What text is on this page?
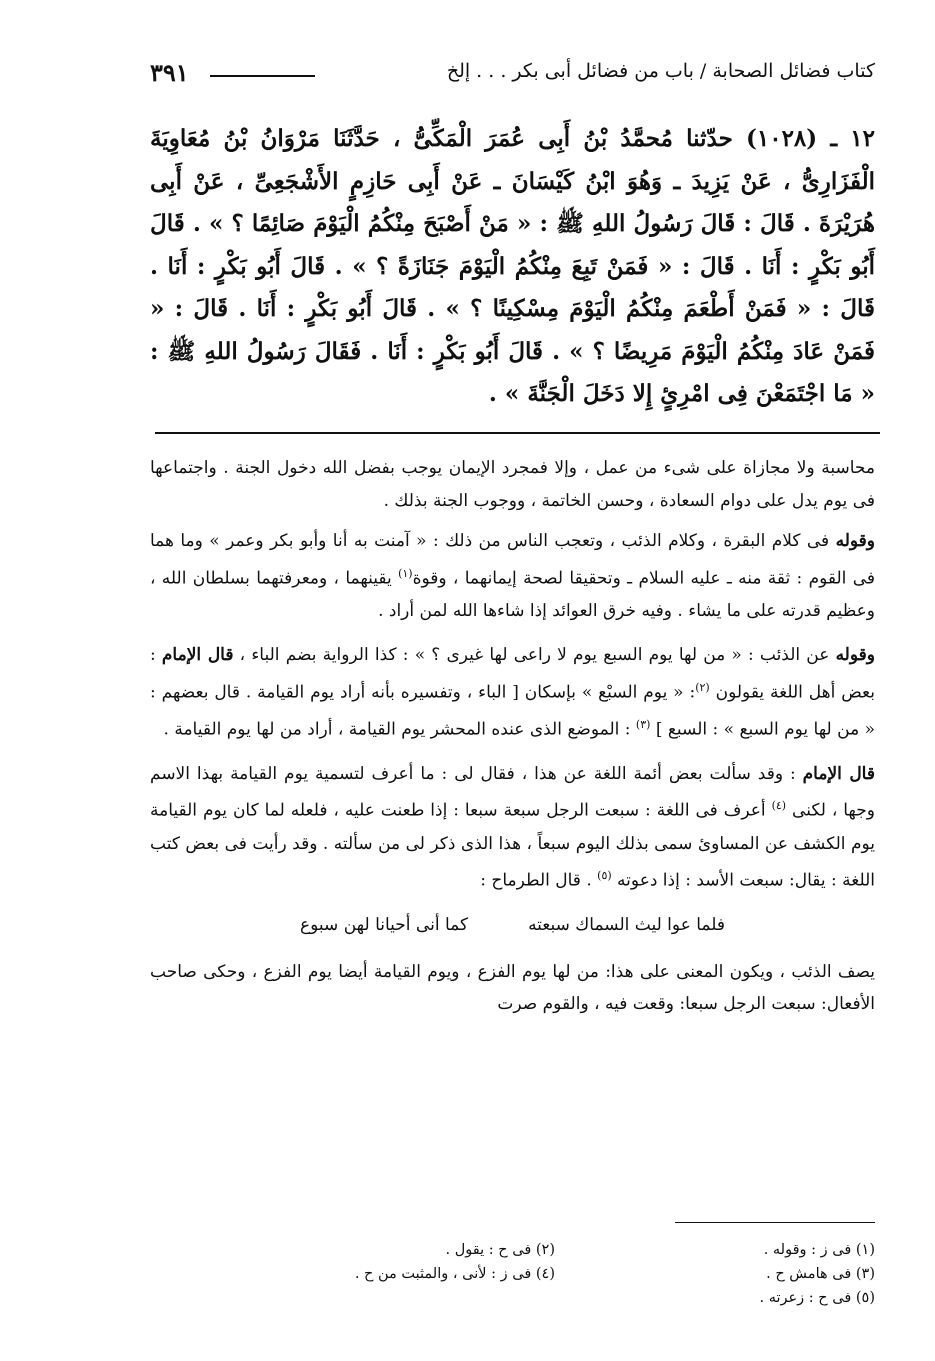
كتاب فضائل الصحابة / باب من فضائل أبى بكر . . . إلخ
٣٩١

١٢ ـ (١٠٢٨) حدّثنا مُحمَّدُ بْنُ أَبِى عُمَرَ الْمَكِّىُّ ، حَدَّثَنَا مَرْوَانُ بْنُ مُعَاوِيَةَ الْفَزَارِىُّ ، عَنْ يَزِيدَ ـ وَهُوَ ابْنُ كَيْسَانَ ـ عَنْ أَبِى حَازِمٍ الأَشْجَعِىِّ ، عَنْ أَبِى هُرَيْرَةَ . قَالَ : قَالَ رَسُولُ اللهِ ﷺ : « مَنْ أَصْبَحَ مِنْكُمُ الْيَوْمَ صَائِمًا ؟ » . قَالَ أَبُو بَكْرٍ : أَنَا . قَالَ : « فَمَنْ تَبِعَ مِنْكُمُ الْيَوْمَ جَنَازَةً ؟ » . قَالَ أَبُو بَكْرٍ : أَنَا . قَالَ : « فَمَنْ أَطْعَمَ مِنْكُمُ الْيَوْمَ مِسْكِينًا ؟ » . قَالَ أَبُو بَكْرٍ : أَنَا . قَالَ : « فَمَنْ عَادَ مِنْكُمُ الْيَوْمَ مَرِيضًا ؟ » . قَالَ أَبُو بَكْرٍ : أَنَا . فَقَالَ رَسُولُ اللهِ ﷺ : « مَا اجْتَمَعْنَ فِى امْرِئٍ إِلا دَخَلَ الْجَنَّةَ » .

محاسبة ولا مجازاة على شىء من عمل ، وإلا فمجرد الإيمان يوجب بفضل الله دخول الجنة . واجتماعها فى يوم يدل على دوام السعادة ، وحسن الخاتمة ، ووجوب الجنة بذلك .

وقوله فى كلام البقرة ، وكلام الذئب ، وتعجب الناس من ذلك : « آمنت به أنا وأبو بكر وعمر » وما هما فى القوم : ثقة منه ـ عليه السلام ـ وتحقيقا لصحة إيمانهما ، وقوة$^{(١)}$ يقينهما ، ومعرفتهما بسلطان الله ، وعظيم قدرته على ما يشاء . وفيه خرق العوائد إذا شاءها الله لمن أراد .

وقوله عن الذئب : « من لها يوم السبع يوم لا راعى لها غيرى ؟ » : كذا الرواية بضم الباء ، قال الإمام : بعض أهل اللغة يقولون $^{(٢)}$: « يوم السبْع » بإسكان [ الباء ، وتفسيره بأنه أراد يوم القيامة . قال بعضهم : « من لها يوم السبع » : السبع ] $^{(٣)}$ : الموضع الذى عنده المحشر يوم القيامة ، أراد من لها يوم القيامة .

قال الإمام : وقد سألت بعض أئمة اللغة عن هذا ، فقال لى : ما أعرف لتسمية يوم القيامة بهذا الاسم وجها ، لكنى $^{(٤)}$ أعرف فى اللغة : سبعت الرجل سبعة سبعا : إذا طعنت عليه ، فلعله لما كان يوم القيامة يوم الكشف عن المساوئ سمى بذلك اليوم سبعاً ، هذا الذى ذكر لى من سألته . وقد رأيت فى بعض كتب اللغة : يقال: سبعت الأسد : إذا دعوته $^{(٥)}$ . قال الطرماح :

فلما عوا ليث السماك سبعته
كما أنى أحيانا لهن سبوع

يصف الذئب ، ويكون المعنى على هذا: من لها يوم الفزع ، ويوم القيامة أيضا يوم الفزع ، وحكى صاحب الأفعال: سبعت الرجل سبعا: وقعت فيه ، والقوم صرت

(١) فى ز : وقوله .
(٢) فى ح : يقول .
(٣) فى هامش ح .
(٤) فى ز : لأنى ، والمثبت من ح .
(٥) فى ح : زعرته .
